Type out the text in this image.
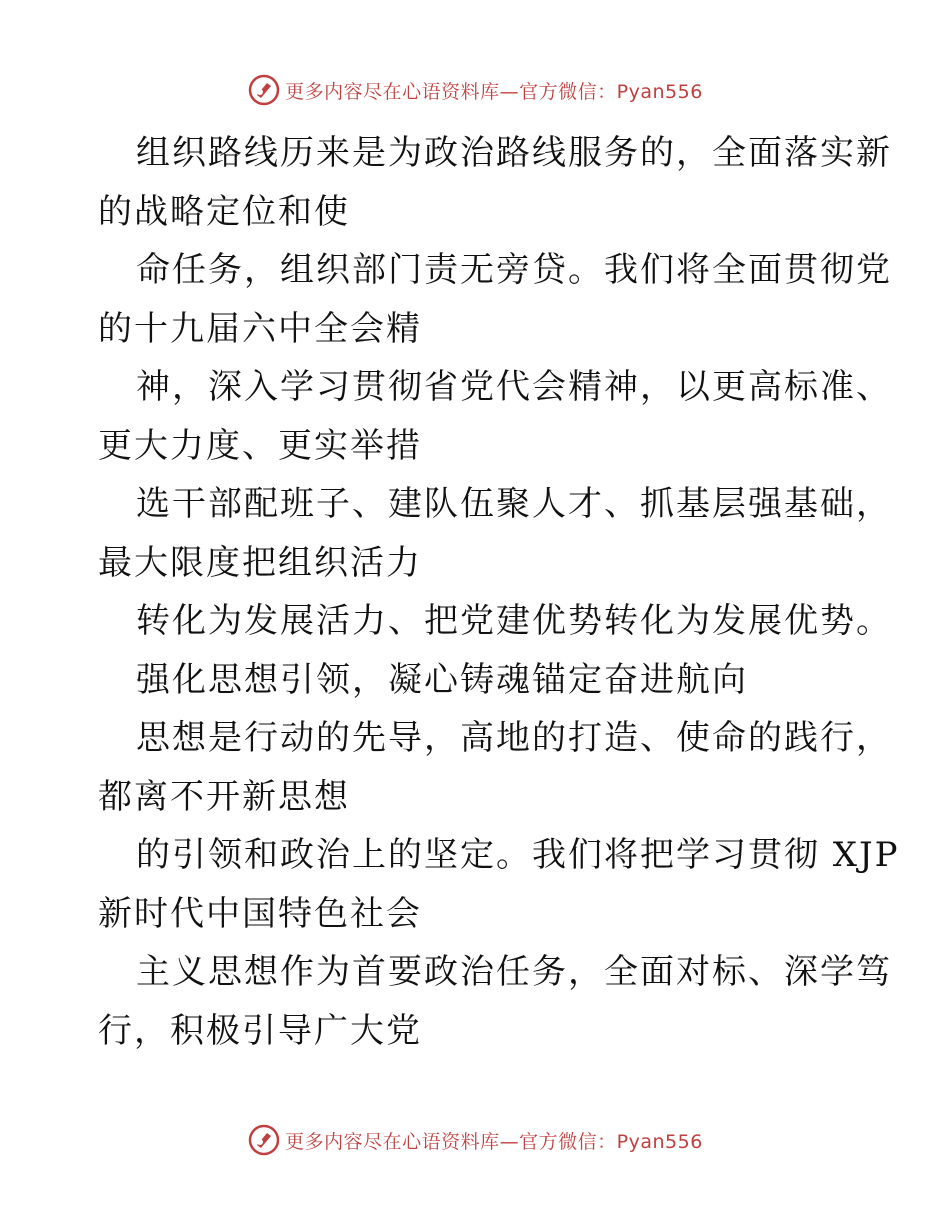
更多内容尽在心语资料库—官方微信：Pyan556
组织路线历来是为政治路线服务的，全面落实新
的战略定位和使
命任务，组织部门责无旁贷。我们将全面贯彻党
的十九届六中全会精
神，深入学习贯彻省党代会精神，以更高标准、
更大力度、更实举措
选干部配班子、建队伍聚人才、抓基层强基础，
最大限度把组织活力
转化为发展活力、把党建优势转化为发展优势。
强化思想引领，凝心铸魂锚定奋进航向
思想是行动的先导，高地的打造、使命的践行，
都离不开新思想
的引领和政治上的坚定。我们将把学习贯彻 XJP
新时代中国特色社会
主义思想作为首要政治任务，全面对标、深学笃
行，积极引导广大党
更多内容尽在心语资料库—官方微信：Pyan556
